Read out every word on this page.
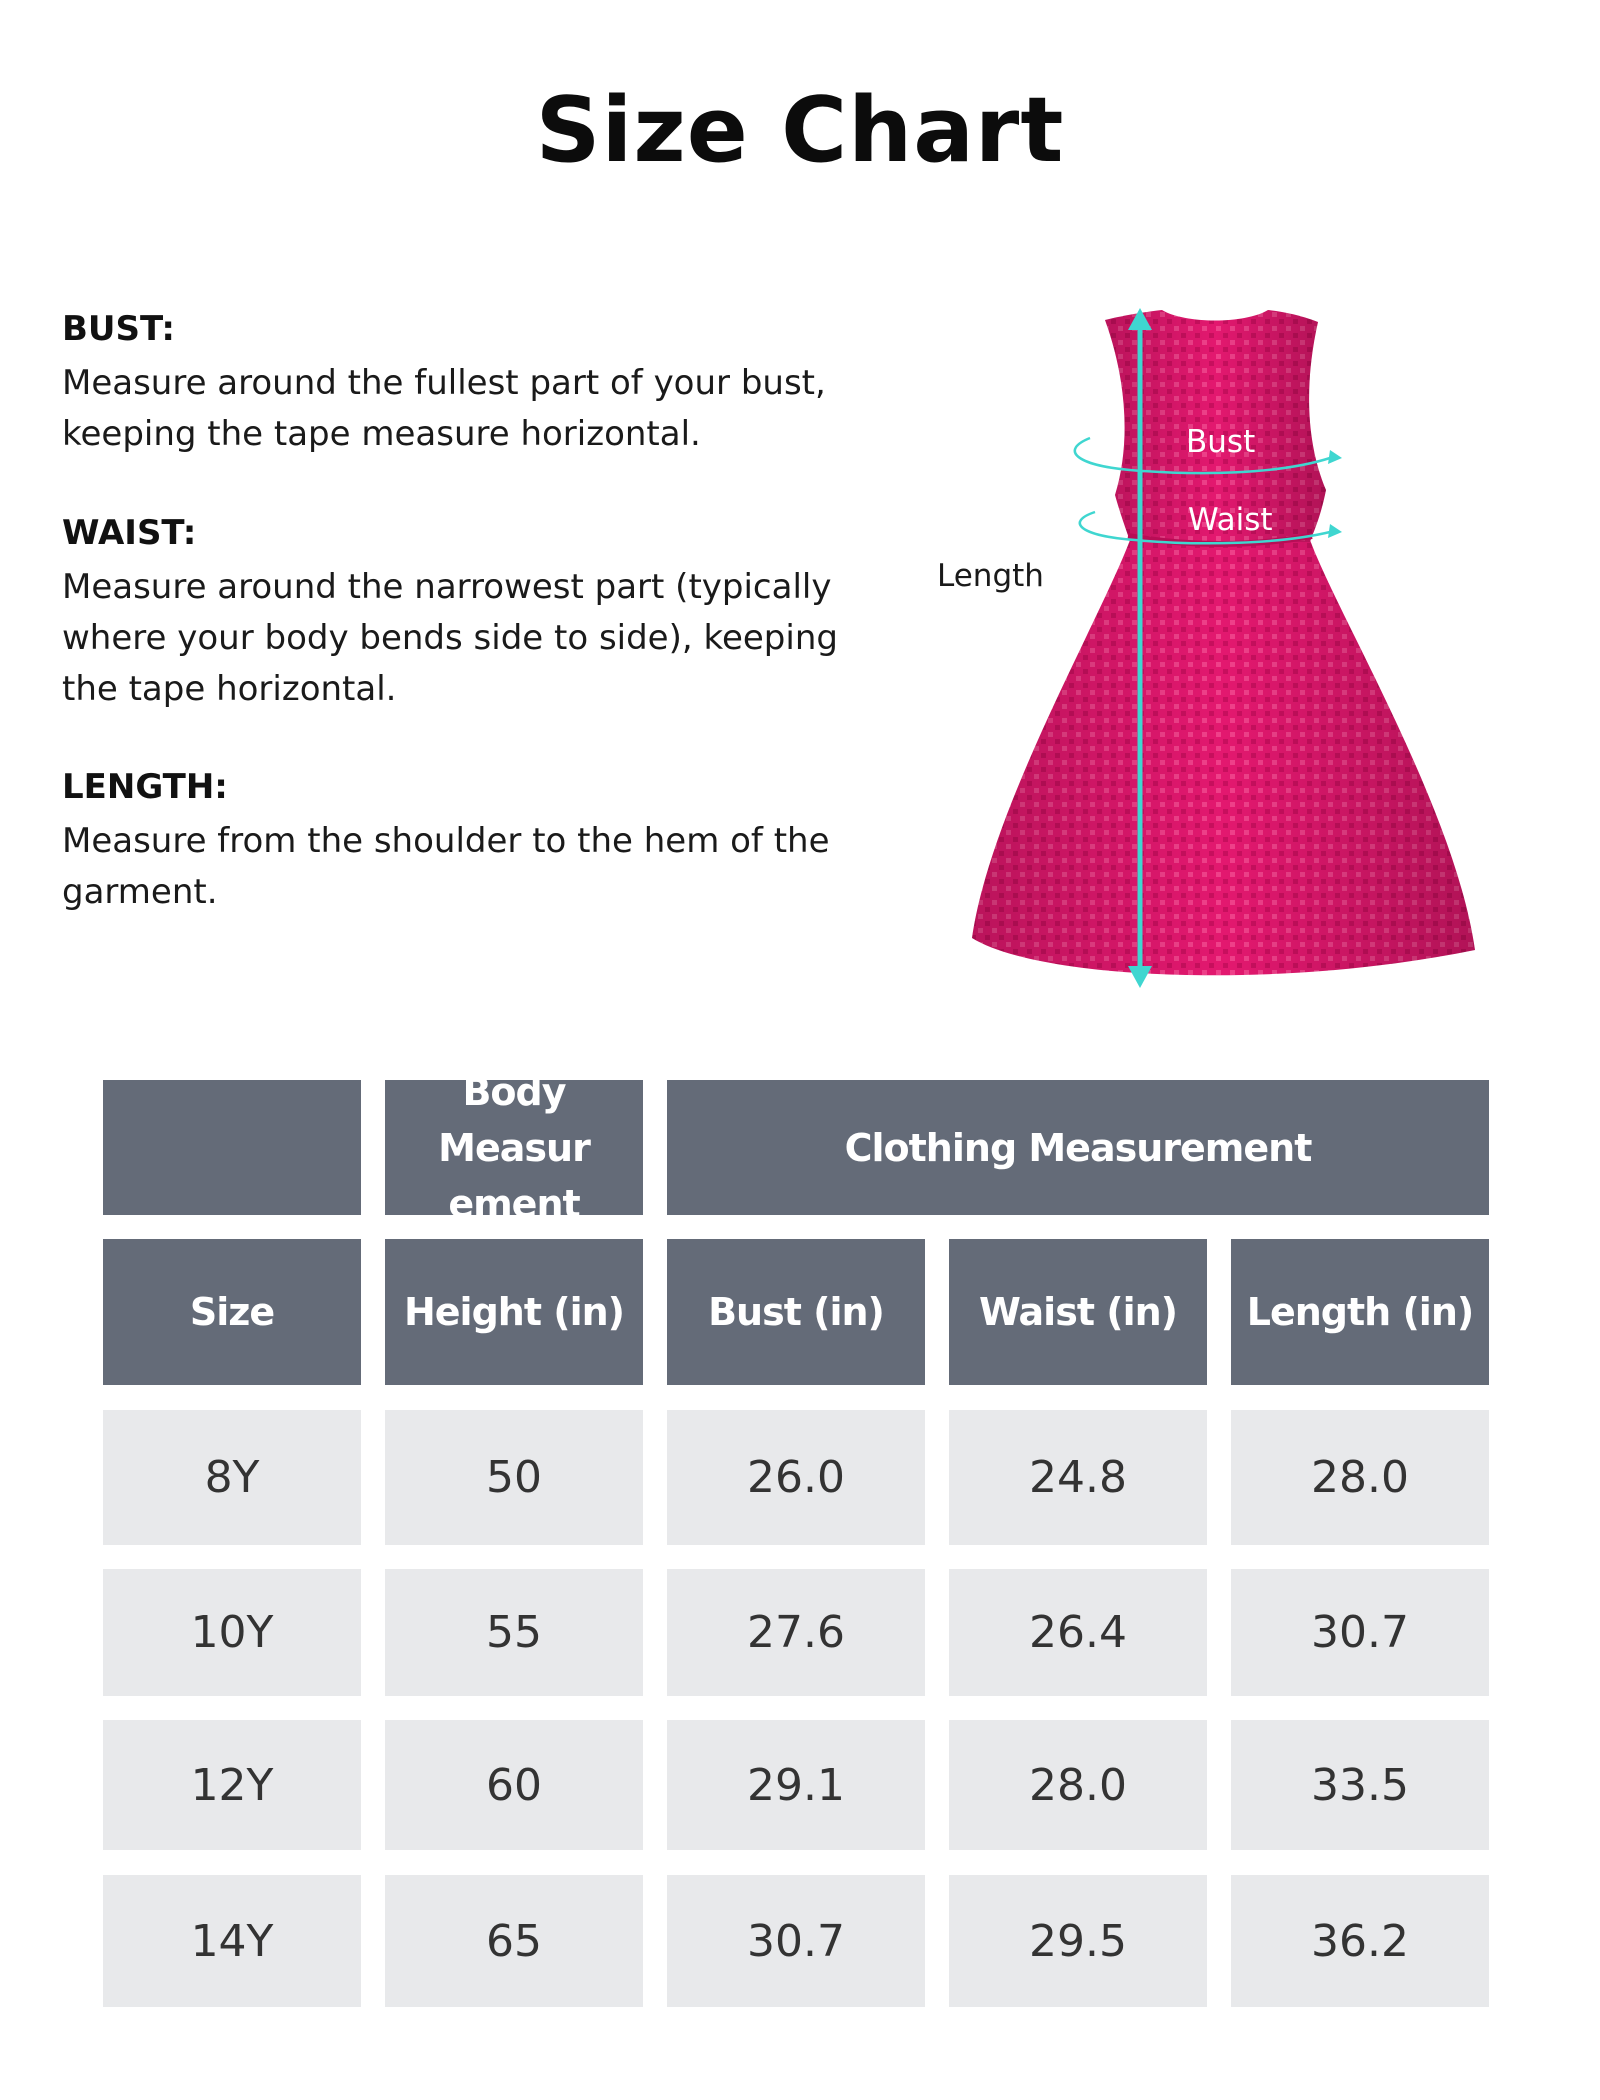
Size Chart

BUST:

Measure around the fullest part of your bust, keeping the tape measure horizontal.

WAIST:

Measure around the narrowest part (typically where your body bends side to side), keeping the tape horizontal.

LENGTH:

Measure from the shoulder to the hem of the garment.

Bust
Waist
Length
Body Measur ement
Clothing Measurement
Size	Height (in)	Bust (in)	Waist (in)	Length (in)
8Y	50	26.0	24.8	28.0
10Y	55	27.6	26.4	30.7
12Y	60	29.1	28.0	33.5
14Y	65	30.7	29.5	36.2
